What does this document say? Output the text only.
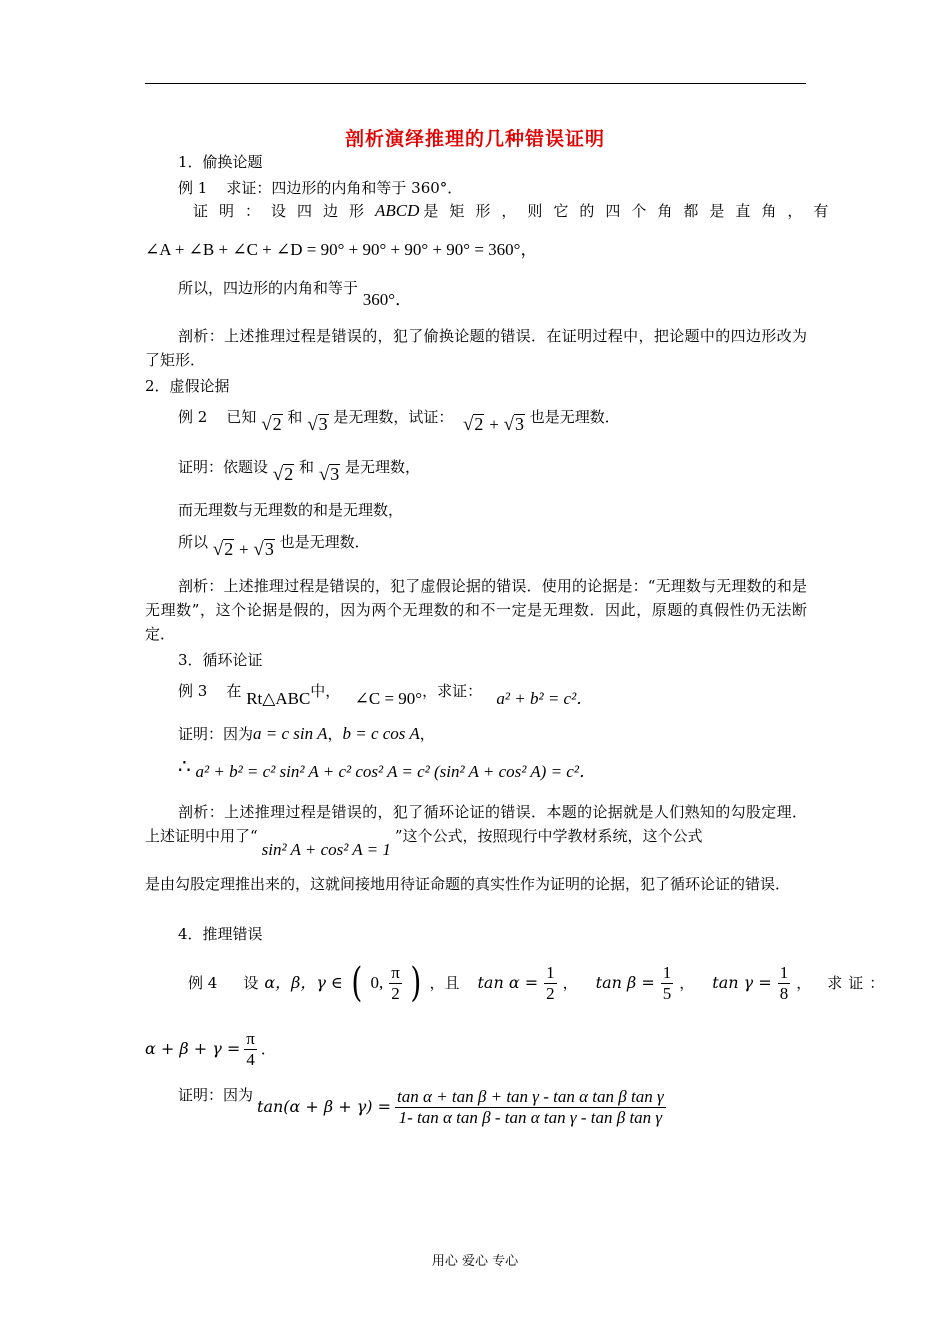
剖析演绎推理的几种错误证明
1．偷换论题
例 1 求证：四边形的内角和等于 360°．
证明：设四边形ABCD 是矩形，则它的四个角都是直角，有
∠A + ∠B + ∠C + ∠D = 90° + 90° + 90° + 90° = 360°，
所以，四边形的内角和等于 360°．
剖析：上述推理过程是错误的，犯了偷换论题的错误．在证明过程中，把论题中的四边形改为了矩形．
2．虚假论据
例 2 已知 √ 2 和 √ 3 是无理数，试证： √ 2 + √ 3 也是无理数．
证明：依题设 √ 2 和 √ 3 是无理数，
而无理数与无理数的和是无理数，
所以 √ 2 + √ 3 也是无理数．
剖析：上述推理过程是错误的，犯了虚假论据的错误．使用的论据是：“无理数与无理数的和是无理数”，这个论据是假的，因为两个无理数的和不一定是无理数．因此，原题的真假性仍无法断定．
3．循环论证
例 3 在 Rt△ABC中， ∠C = 90°，求证： a² + b² = c²．
证明：因为a = c sin A，b = c cos A，
∴ a² + b² = c² sin² A + c² cos² A = c² (sin² A + cos² A) = c²．
剖析：上述推理过程是错误的，犯了循环论证的错误．本题的论据就是人们熟知的勾股定理．上述证明中用了“sin² A + cos² A = 1”这个公式，按照现行中学教材系统，这个公式
是由勾股定理推出来的，这就间接地用待证命题的真实性作为证明的论据，犯了循环论证的错误．
4．推理错误
例 4 设 α，β，γ ∈ ( 0, $\frac{\pi}{2}$ ) ，且 $\tan \alpha = \frac{1}{2}$ ， $\tan \beta = \frac{1}{5}$ ， $\tan \gamma = \frac{1}{8}$ ， 求证：
$\alpha + \beta + \gamma = \frac{\pi}{4}$ ．
证明：因为
$\tan(\alpha + \beta + \gamma) = \frac{\text{tan α + tan β + tan γ - tan α tan β tan γ}}{\text{1- tan α tan β - tan α tan γ - tan β tan γ}}$
用心 爱心 专心
